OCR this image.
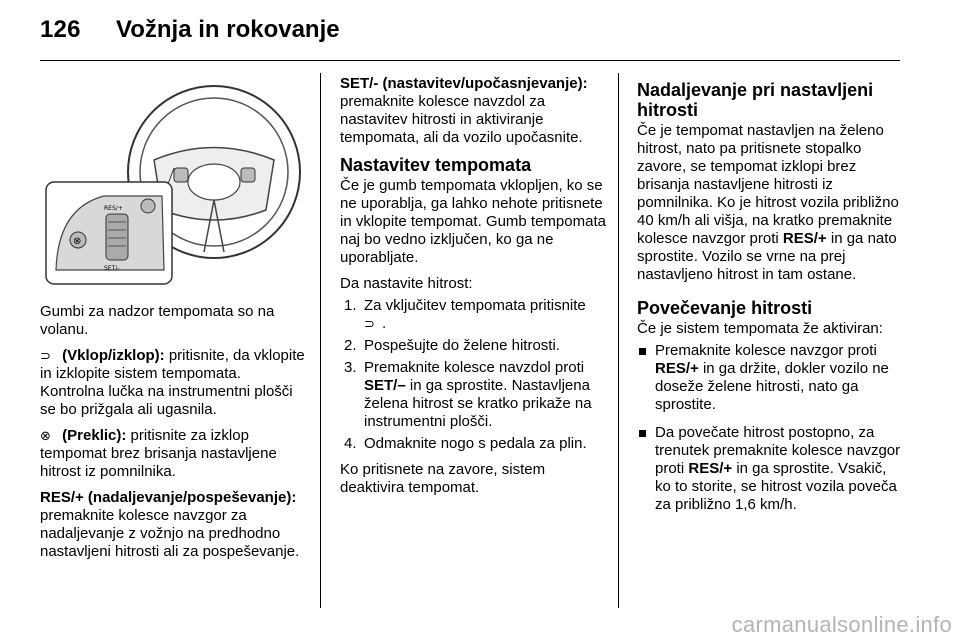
126 Vožnja in rokovanje
⊗
RES/+
SET/-

Gumbi za nadzor tempomata so na volanu.

⊃ (Vklop/izklop): pritisnite, da vklopite in izklopite sistem tempomata. Kontrolna lučka na instrumentni plošči se bo prižgala ali ugasnila.

⊗ (Preklic): pritisnite za izklop tempomat brez brisanja nastavljene hitrost iz pomnilnika.

RES/+ (nadaljevanje/pospeševanje): premaknite kolesce navzgor za nadaljevanje z vožnjo na predhodno nastavljeni hitrosti ali za pospeševanje.

SET/- (nastavitev/upočasnjevanje):
premaknite kolesce navzdol za nastavitev hitrosti in aktiviranje tempomata, ali da vozilo upočasnite.

Nastavitev tempomata

Če je gumb tempomata vklopljen, ko se ne uporablja, ga lahko nehote pritisnete in vklopite tempomat. Gumb tempomata naj bo vedno izključen, ko ga ne uporabljate.

Da nastavite hitrost:

1. Za vključitev tempomata pritisnite
⊃ .
2. Pospešujte do želene hitrosti.
3. Premaknite kolesce navzdol proti SET/– in ga sprostite. Nastavljena želena hitrost se kratko prikaže na instrumentni plošči.
4. Odmaknite nogo s pedala za plin.

Ko pritisnete na zavore, sistem deaktivira tempomat.

Nadaljevanje pri nastavljeni hitrosti

Če je tempomat nastavljen na želeno hitrost, nato pa pritisnete stopalko zavore, se tempomat izklopi brez brisanja nastavljene hitrosti iz pomnilnika. Ko je hitrost vozila približno 40 km/h ali višja, na kratko premaknite kolesce navzgor proti RES/+ in ga nato sprostite. Vozilo se vrne na prej nastavljeno hitrost in tam ostane.

Povečevanje hitrosti

Če je sistem tempomata že aktiviran:

Premaknite kolesce navzgor proti RES/+ in ga držite, dokler vozilo ne doseže želene hitrosti, nato ga sprostite.
Da povečate hitrost postopno, za trenutek premaknite kolesce navzgor proti RES/+ in ga sprostite. Vsakič, ko to storite, se hitrost vozila poveča za približno 1,6 km/h.
carmanualsonline.info
